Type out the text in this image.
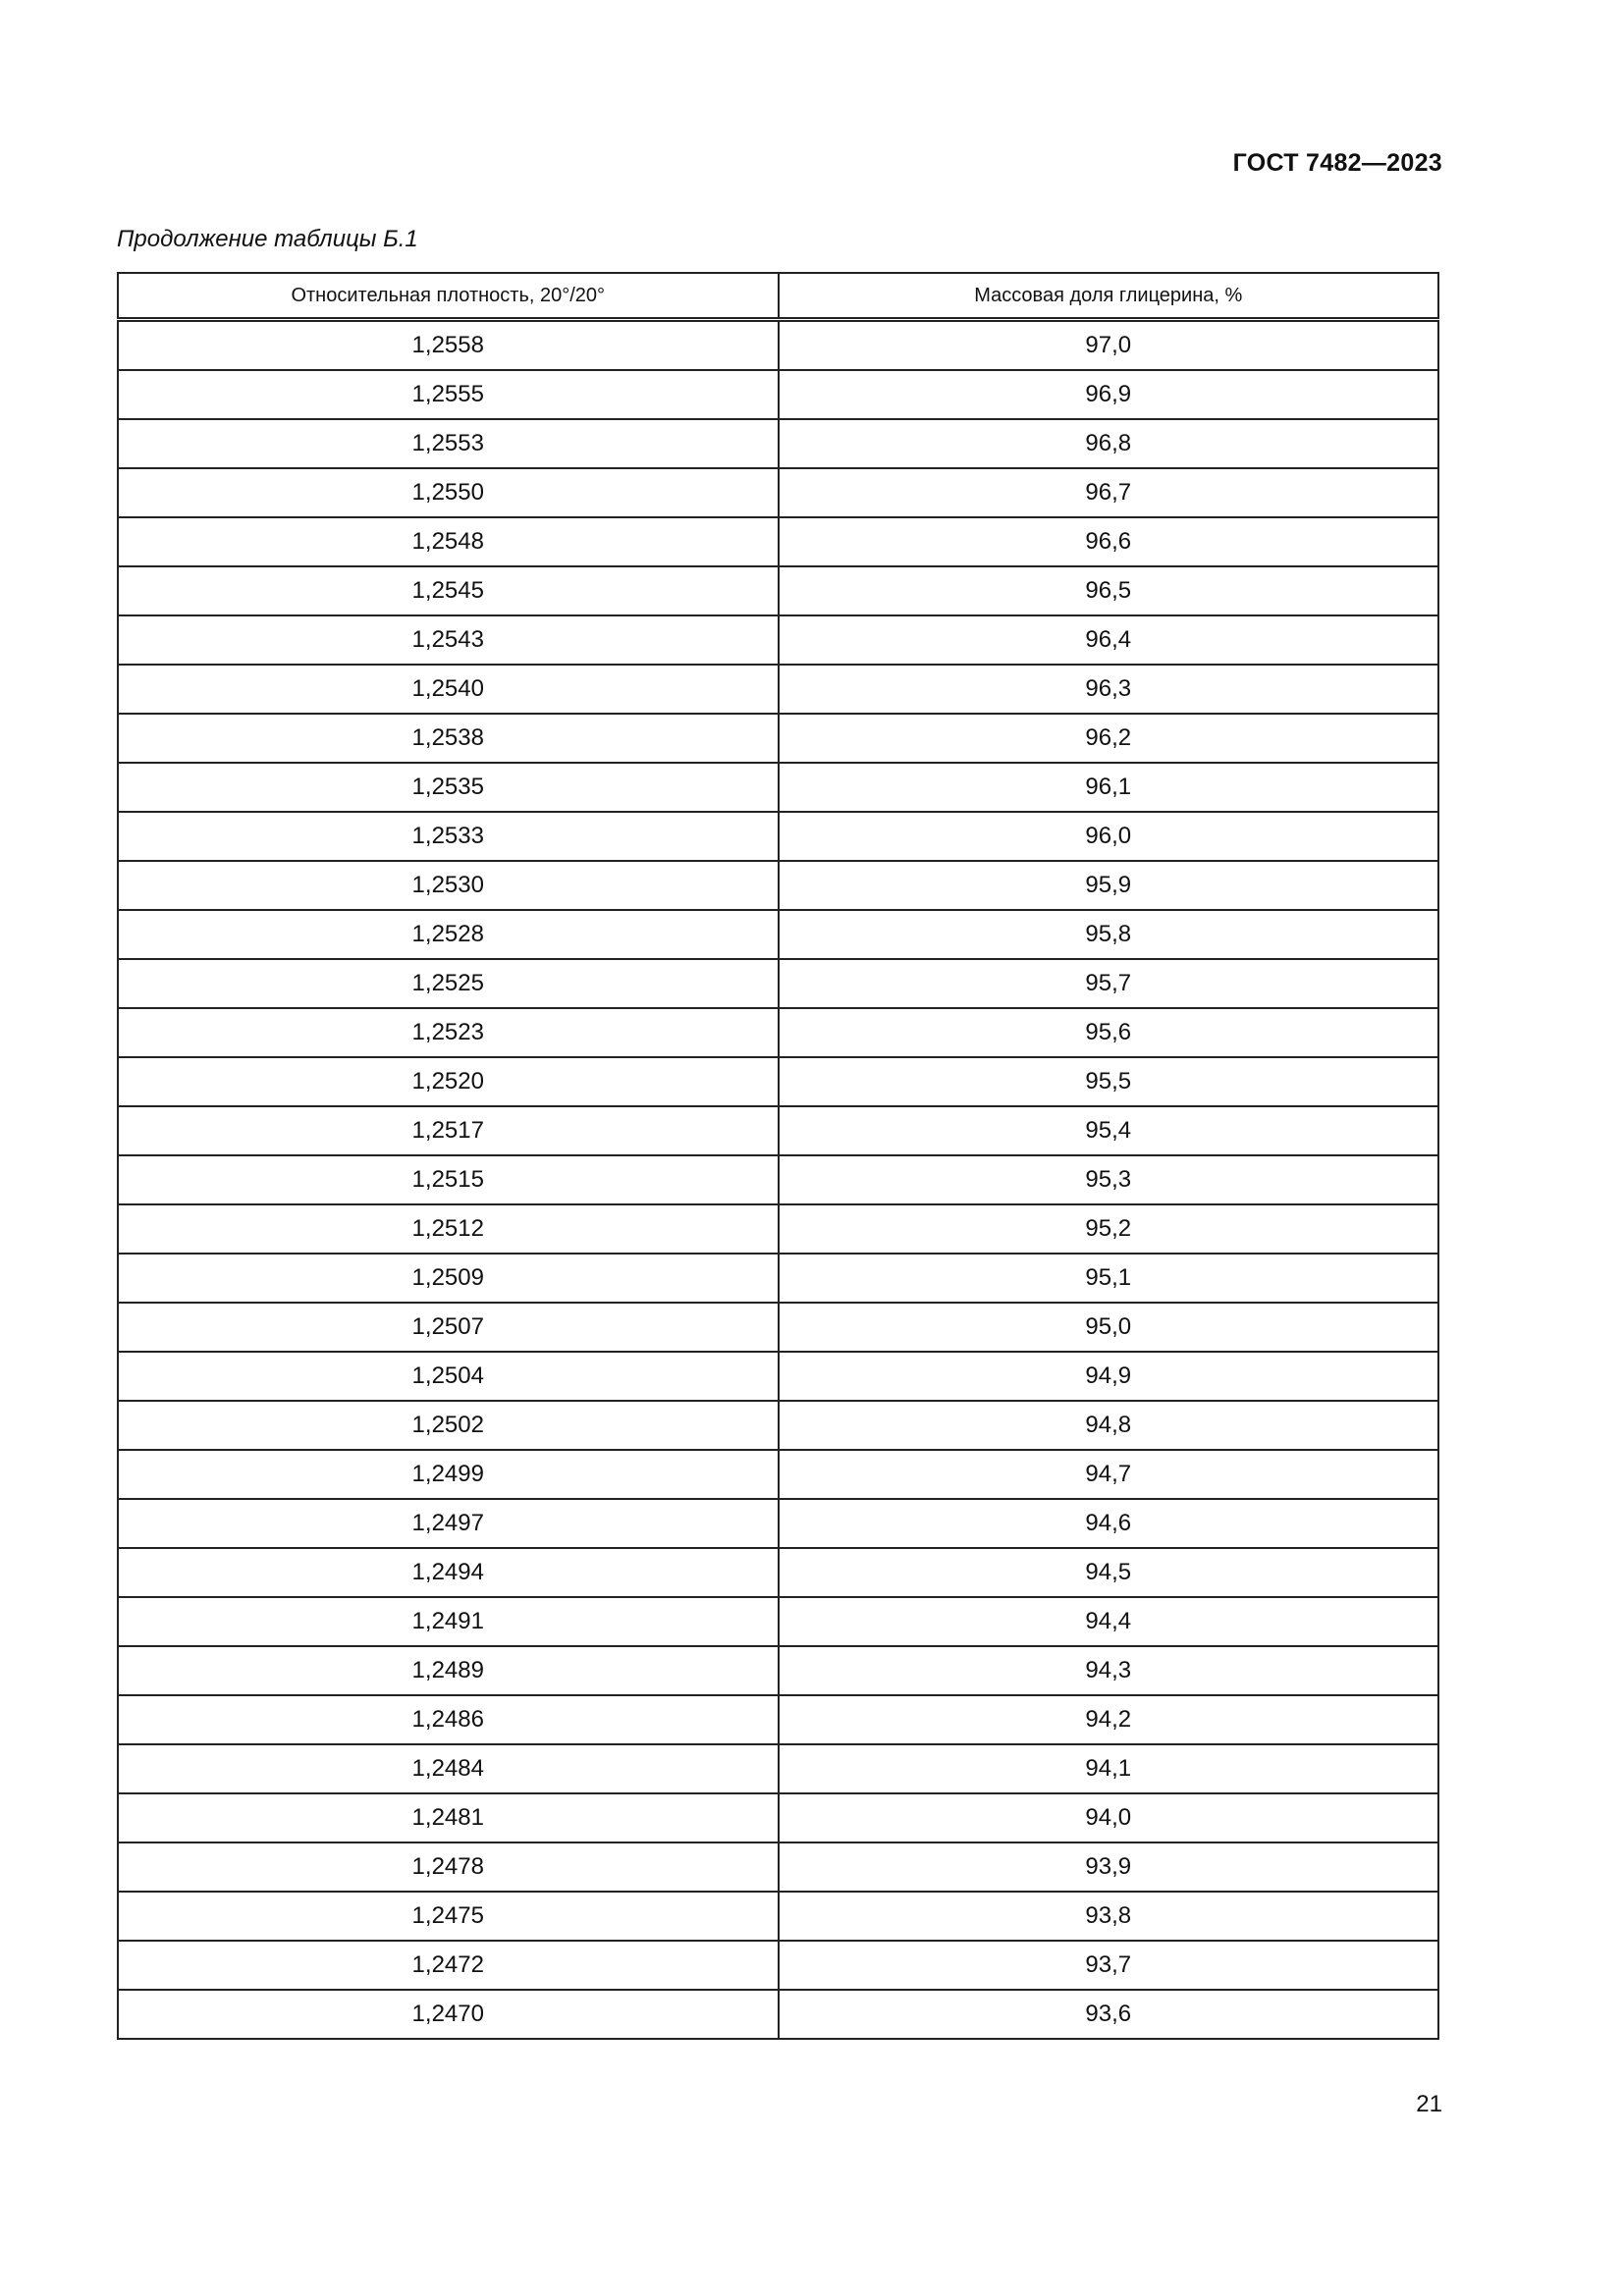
ГОСТ 7482—2023

Продолжение таблицы Б.1

Относительная плотность, 20°/20°	Массовая доля глицерина, %
1,2558	97,0
1,2555	96,9
1,2553	96,8
1,2550	96,7
1,2548	96,6
1,2545	96,5
1,2543	96,4
1,2540	96,3
1,2538	96,2
1,2535	96,1
1,2533	96,0
1,2530	95,9
1,2528	95,8
1,2525	95,7
1,2523	95,6
1,2520	95,5
1,2517	95,4
1,2515	95,3
1,2512	95,2
1,2509	95,1
1,2507	95,0
1,2504	94,9
1,2502	94,8
1,2499	94,7
1,2497	94,6
1,2494	94,5
1,2491	94,4
1,2489	94,3
1,2486	94,2
1,2484	94,1
1,2481	94,0
1,2478	93,9
1,2475	93,8
1,2472	93,7
1,2470	93,6

21
